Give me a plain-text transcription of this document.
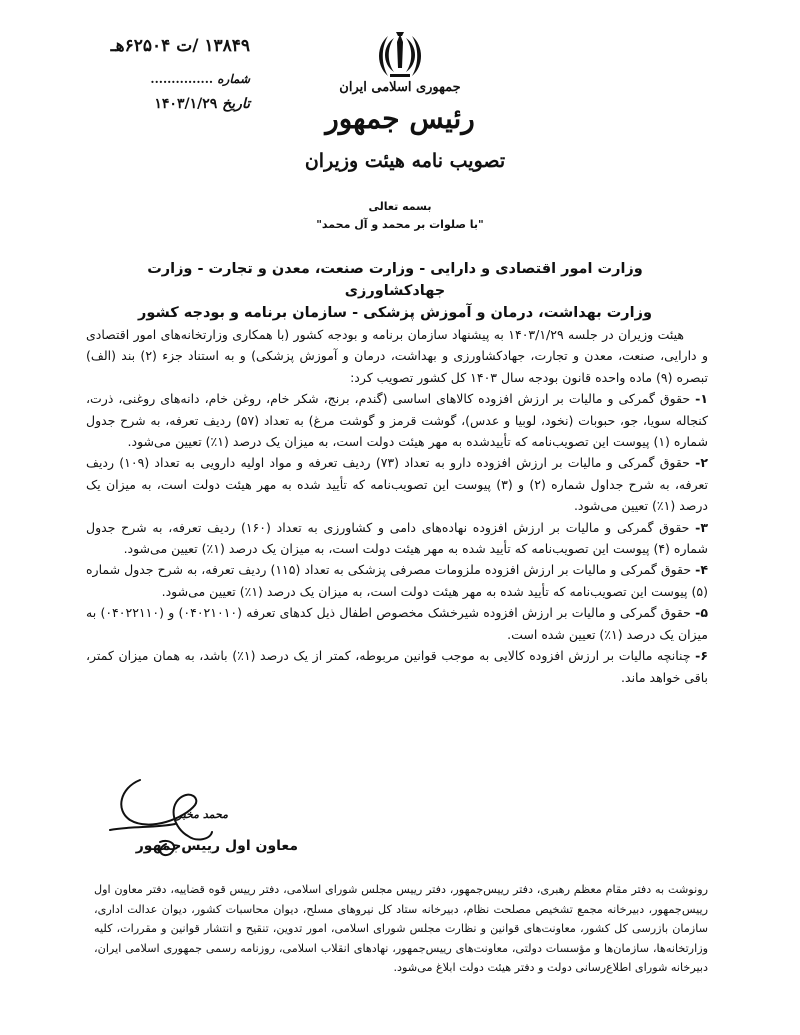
۱۳۸۴۹ /ت ۶۲۵۰۴هـ
شماره ...............
تاریخ ۱۴۰۳/۱/۲۹
جمهوری اسلامی ایران
رئیس جمهور
تصویب نامه هیئت وزیران
بسمه تعالی
"با صلوات بر محمد و آل محمد"
وزارت امور اقتصادی و دارایی - وزارت صنعت، معدن و تجارت - وزارت جهادکشاورزی
وزارت بهداشت، درمان و آموزش پزشکی - سازمان برنامه و بودجه کشور

هیئت وزیران در جلسه ۱۴۰۳/۱/۲۹ به پیشنهاد سازمان برنامه و بودجه کشور (با همکاری وزارتخانه‌های امور اقتصادی و دارایی، صنعت، معدن و تجارت، جهادکشاورزی و بهداشت، درمان و آموزش پزشکی) و به استناد جزء (۲) بند (الف) تبصره (۹) ماده واحده قانون بودجه سال ۱۴۰۳ کل کشور تصویب کرد:

۱- حقوق گمرکی و مالیات بر ارزش افزوده کالاهای اساسی (گندم، برنج، شکر خام، روغن خام، دانه‌های روغنی، ذرت، کنجاله سویا، جو، حبوبات (نخود، لوبیا و عدس)، گوشت قرمز و گوشت مرغ) به تعداد (۵۷) ردیف تعرفه، به شرح جدول شماره (۱) پیوست این تصویب‌نامه که تأییدشده به مهر هیئت دولت است، به میزان یک درصد (۱٪) تعیین می‌شود.

۲- حقوق گمرکی و مالیات بر ارزش افزوده دارو به تعداد (۷۳) ردیف تعرفه و مواد اولیه دارویی به تعداد (۱۰۹) ردیف تعرفه، به شرح جداول شماره (۲) و (۳) پیوست این تصویب‌نامه که تأیید شده به مهر هیئت دولت است، به میزان یک درصد (۱٪) تعیین می‌شود.

۳- حقوق گمرکی و مالیات بر ارزش افزوده نهاده‌های دامی و کشاورزی به تعداد (۱۶۰) ردیف تعرفه، به شرح جدول شماره (۴) پیوست این تصویب‌نامه که تأیید شده به مهر هیئت دولت است، به میزان یک درصد (۱٪) تعیین می‌شود.

۴- حقوق گمرکی و مالیات بر ارزش افزوده ملزومات مصرفی پزشکی به تعداد (۱۱۵) ردیف تعرفه، به شرح جدول شماره (۵) پیوست این تصویب‌نامه که تأیید شده به مهر هیئت دولت است، به میزان یک درصد (۱٪) تعیین می‌شود.

۵- حقوق گمرکی و مالیات بر ارزش افزوده شیرخشک مخصوص اطفال ذیل کدهای تعرفه (۰۴۰۲۱۰۱۰) و (۰۴۰۲۲۱۱۰) به میزان یک درصد (۱٪) تعیین شده است.

۶- چنانچه مالیات بر ارزش افزوده کالایی به موجب قوانین مربوطه، کمتر از یک درصد (۱٪) باشد، به همان میزان کمتر، باقی خواهد ماند.

محمد مخبر
معاون اول رییس‌جمهور
رونوشت به دفتر مقام معظم رهبری، دفتر رییس‌جمهور، دفتر رییس مجلس شورای اسلامی، دفتر رییس قوه قضاییه، دفتر معاون اول رییس‌جمهور، دبیرخانه مجمع تشخیص مصلحت نظام، دبیرخانه ستاد کل نیروهای مسلح، دیوان محاسبات کشور، دیوان عدالت اداری، سازمان بازرسی کل کشور، معاونت‌های قوانین و نظارت مجلس شورای اسلامی، امور تدوین، تنقیح و انتشار قوانین و مقررات، کلیه وزارتخانه‌ها، سازمان‌ها و مؤسسات دولتی، معاونت‌های رییس‌جمهور، نهادهای انقلاب اسلامی، روزنامه رسمی جمهوری اسلامی ایران، دبیرخانه شورای اطلاع‌رسانی دولت و دفتر هیئت دولت ابلاغ می‌شود.
